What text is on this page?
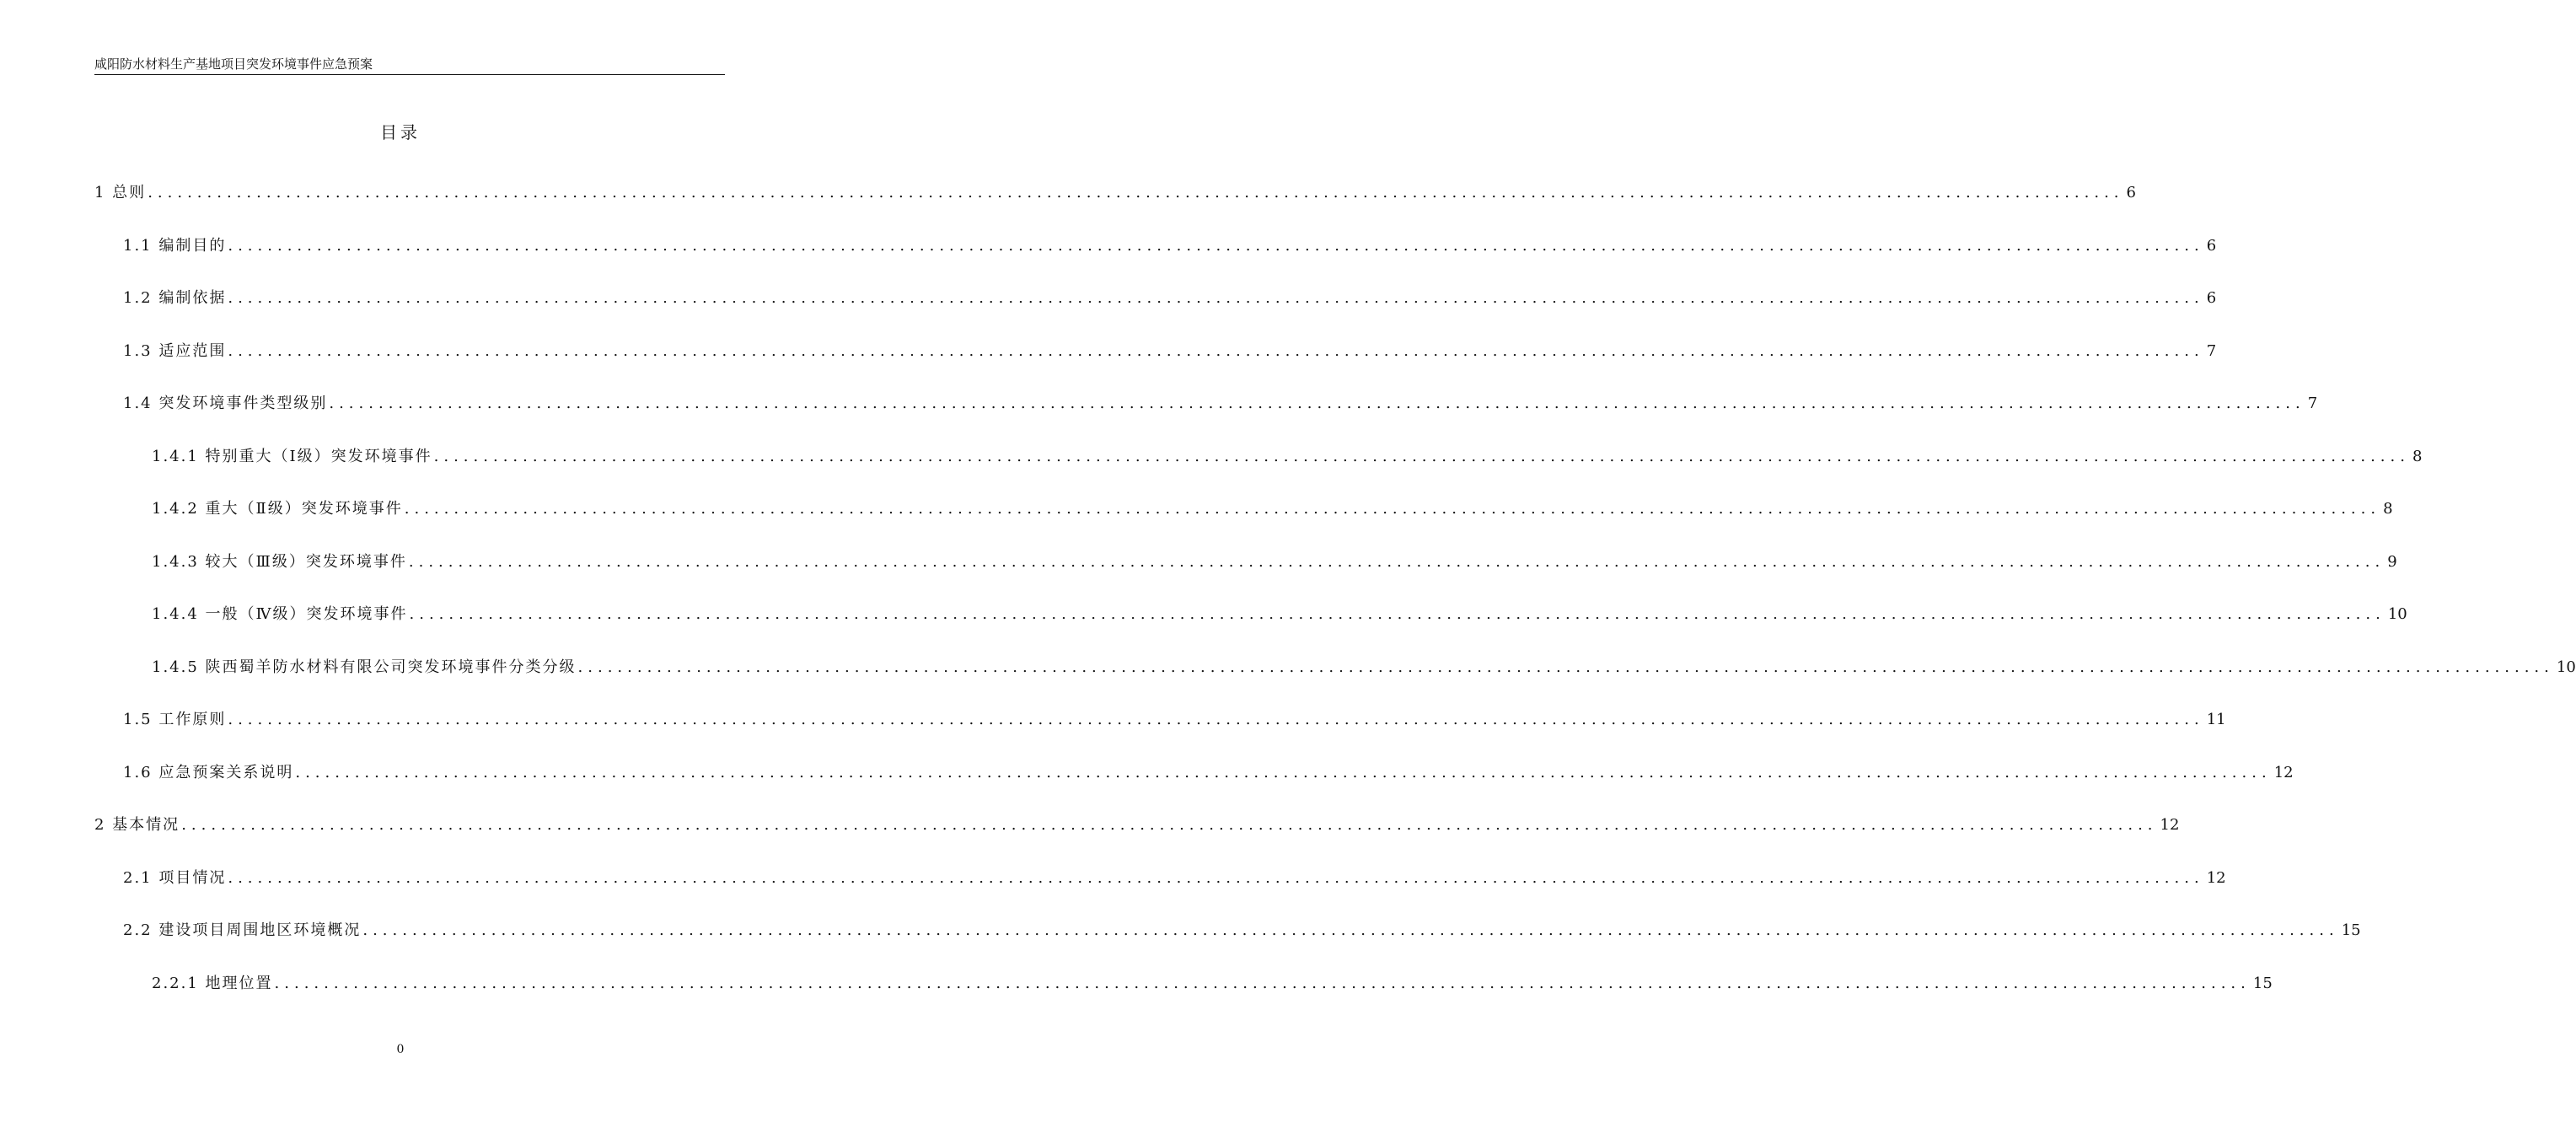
咸阳防水材料生产基地项目突发环境事件应急预案
目录
1 总则 ........................................................................................................................................................................................................ 6
1.1 编制目的 ........................................................................................................................................................................................................ 6
1.2 编制依据 ........................................................................................................................................................................................................ 6
1.3 适应范围 ........................................................................................................................................................................................................ 7
1.4 突发环境事件类型级别 ........................................................................................................................................................................................................ 7
1.4.1 特别重大（Ⅰ级）突发环境事件 ........................................................................................................................................................................................................ 8
1.4.2 重大（Ⅱ级）突发环境事件 ........................................................................................................................................................................................................ 8
1.4.3 较大（Ⅲ级）突发环境事件 ........................................................................................................................................................................................................ 9
1.4.4 一般（Ⅳ级）突发环境事件 ........................................................................................................................................................................................................ 10
1.4.5 陕西蜀羊防水材料有限公司突发环境事件分类分级 ........................................................................................................................................................................................................ 10
1.5 工作原则 ........................................................................................................................................................................................................ 11
1.6 应急预案关系说明 ........................................................................................................................................................................................................ 12
2 基本情况 ........................................................................................................................................................................................................ 12
2.1 项目情况 ........................................................................................................................................................................................................ 12
2.2 建设项目周围地区环境概况 ........................................................................................................................................................................................................ 15
2.2.1 地理位置 ........................................................................................................................................................................................................ 15
0
